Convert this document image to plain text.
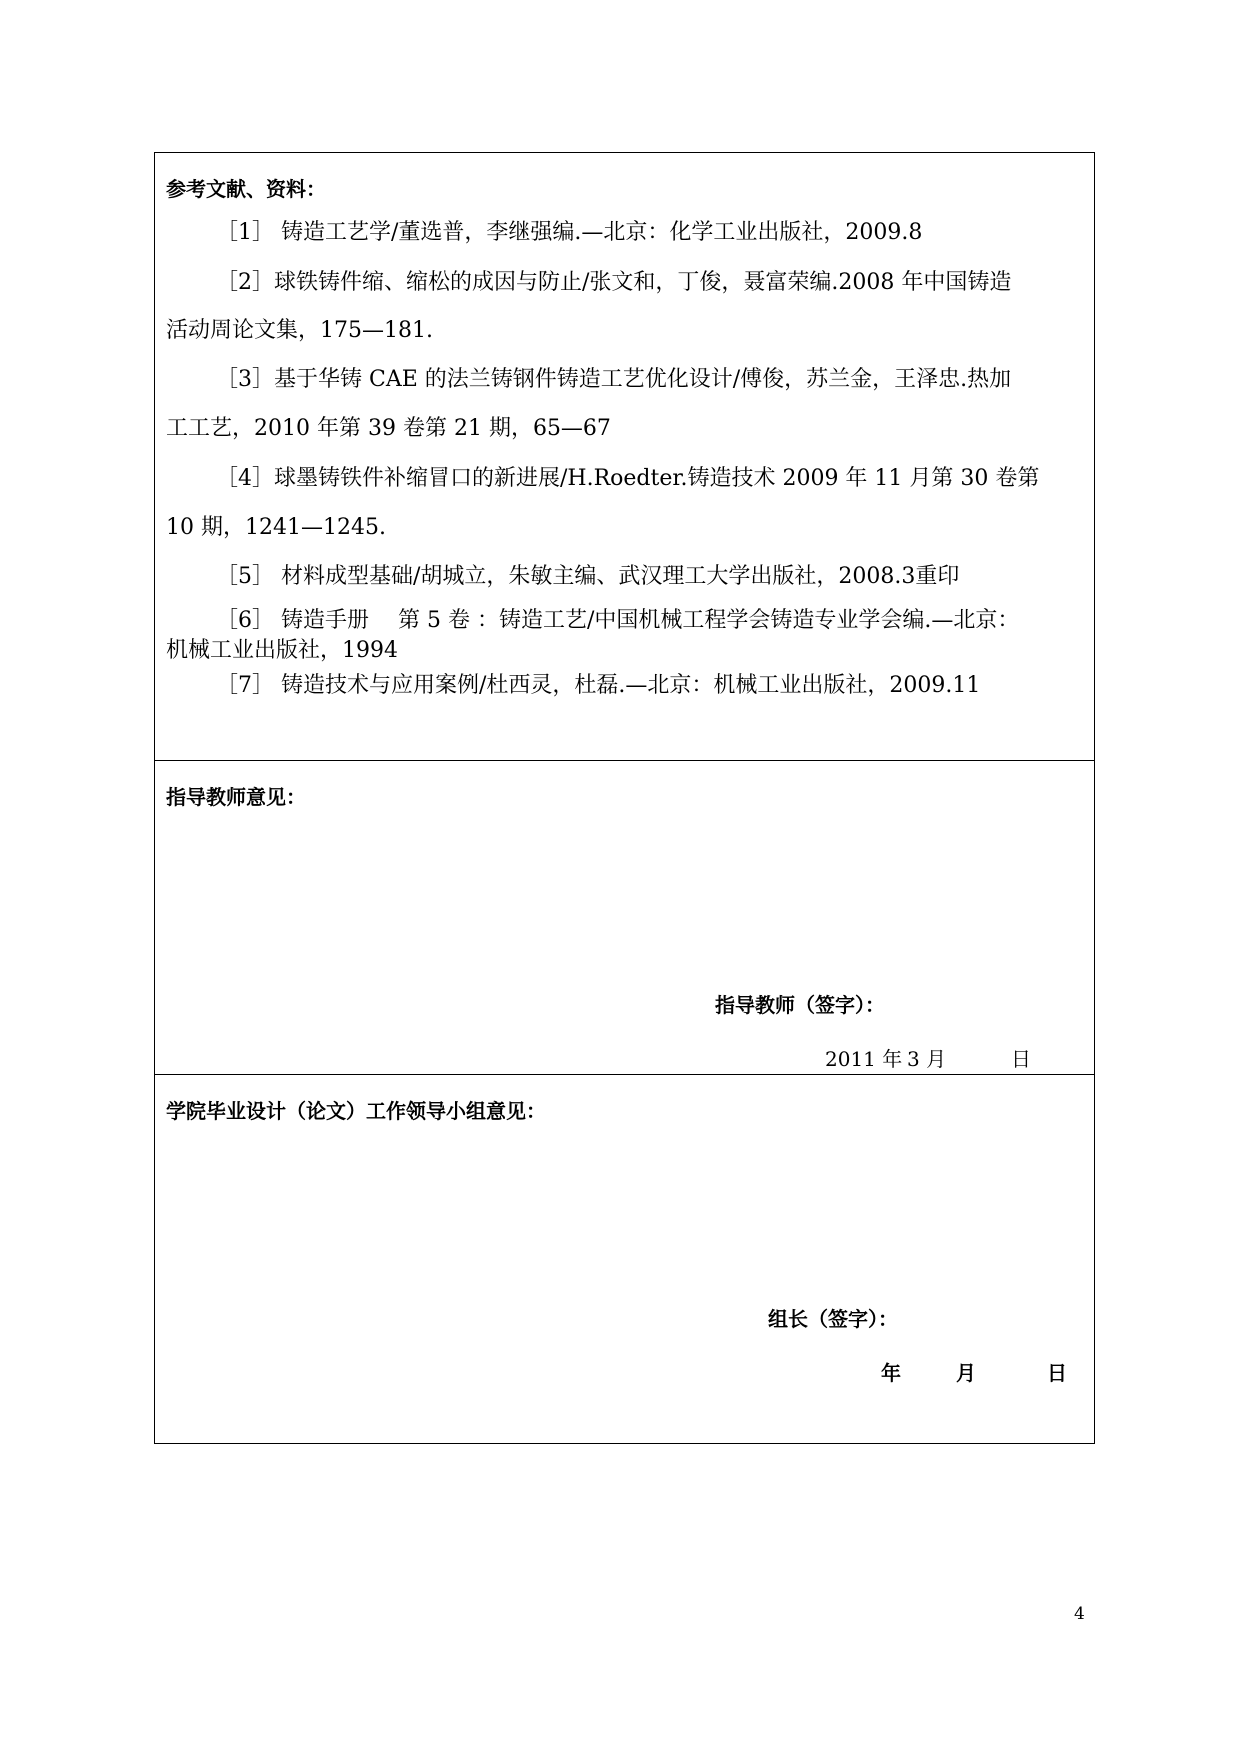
参考文献、资料：
［1］ 铸造工艺学/董选普，李继强编.—北京：化学工业出版社，2009.8
［2］球铁铸件缩、缩松的成因与防止/张文和，丁俊，聂富荣编.2008 年中国铸造
活动周论文集，175—181.
［3］基于华铸 CAE 的法兰铸钢件铸造工艺优化设计/傅俊，苏兰金，王泽忠.热加
工工艺，2010 年第 39 卷第 21 期，65—67
［4］球墨铸铁件补缩冒口的新进展/H.Roedter.铸造技术 2009 年 11 月第 30 卷第
10 期，1241—1245.
［5］ 材料成型基础/胡城立，朱敏主编、武汉理工大学出版社，2008.3重印
［6］ 铸造手册　 第 5 卷 ：铸造工艺/中国机械工程学会铸造专业学会编.—北京：
机械工业出版社，1994
［7］ 铸造技术与应用案例/杜西灵，杜磊.—北京：机械工业出版社，2009.11
指导教师意见：
指导教师（签字）：
2011 年 3 月	日
学院毕业设计（论文）工作领导小组意见：
组长（签字）：
年	月	日
4
